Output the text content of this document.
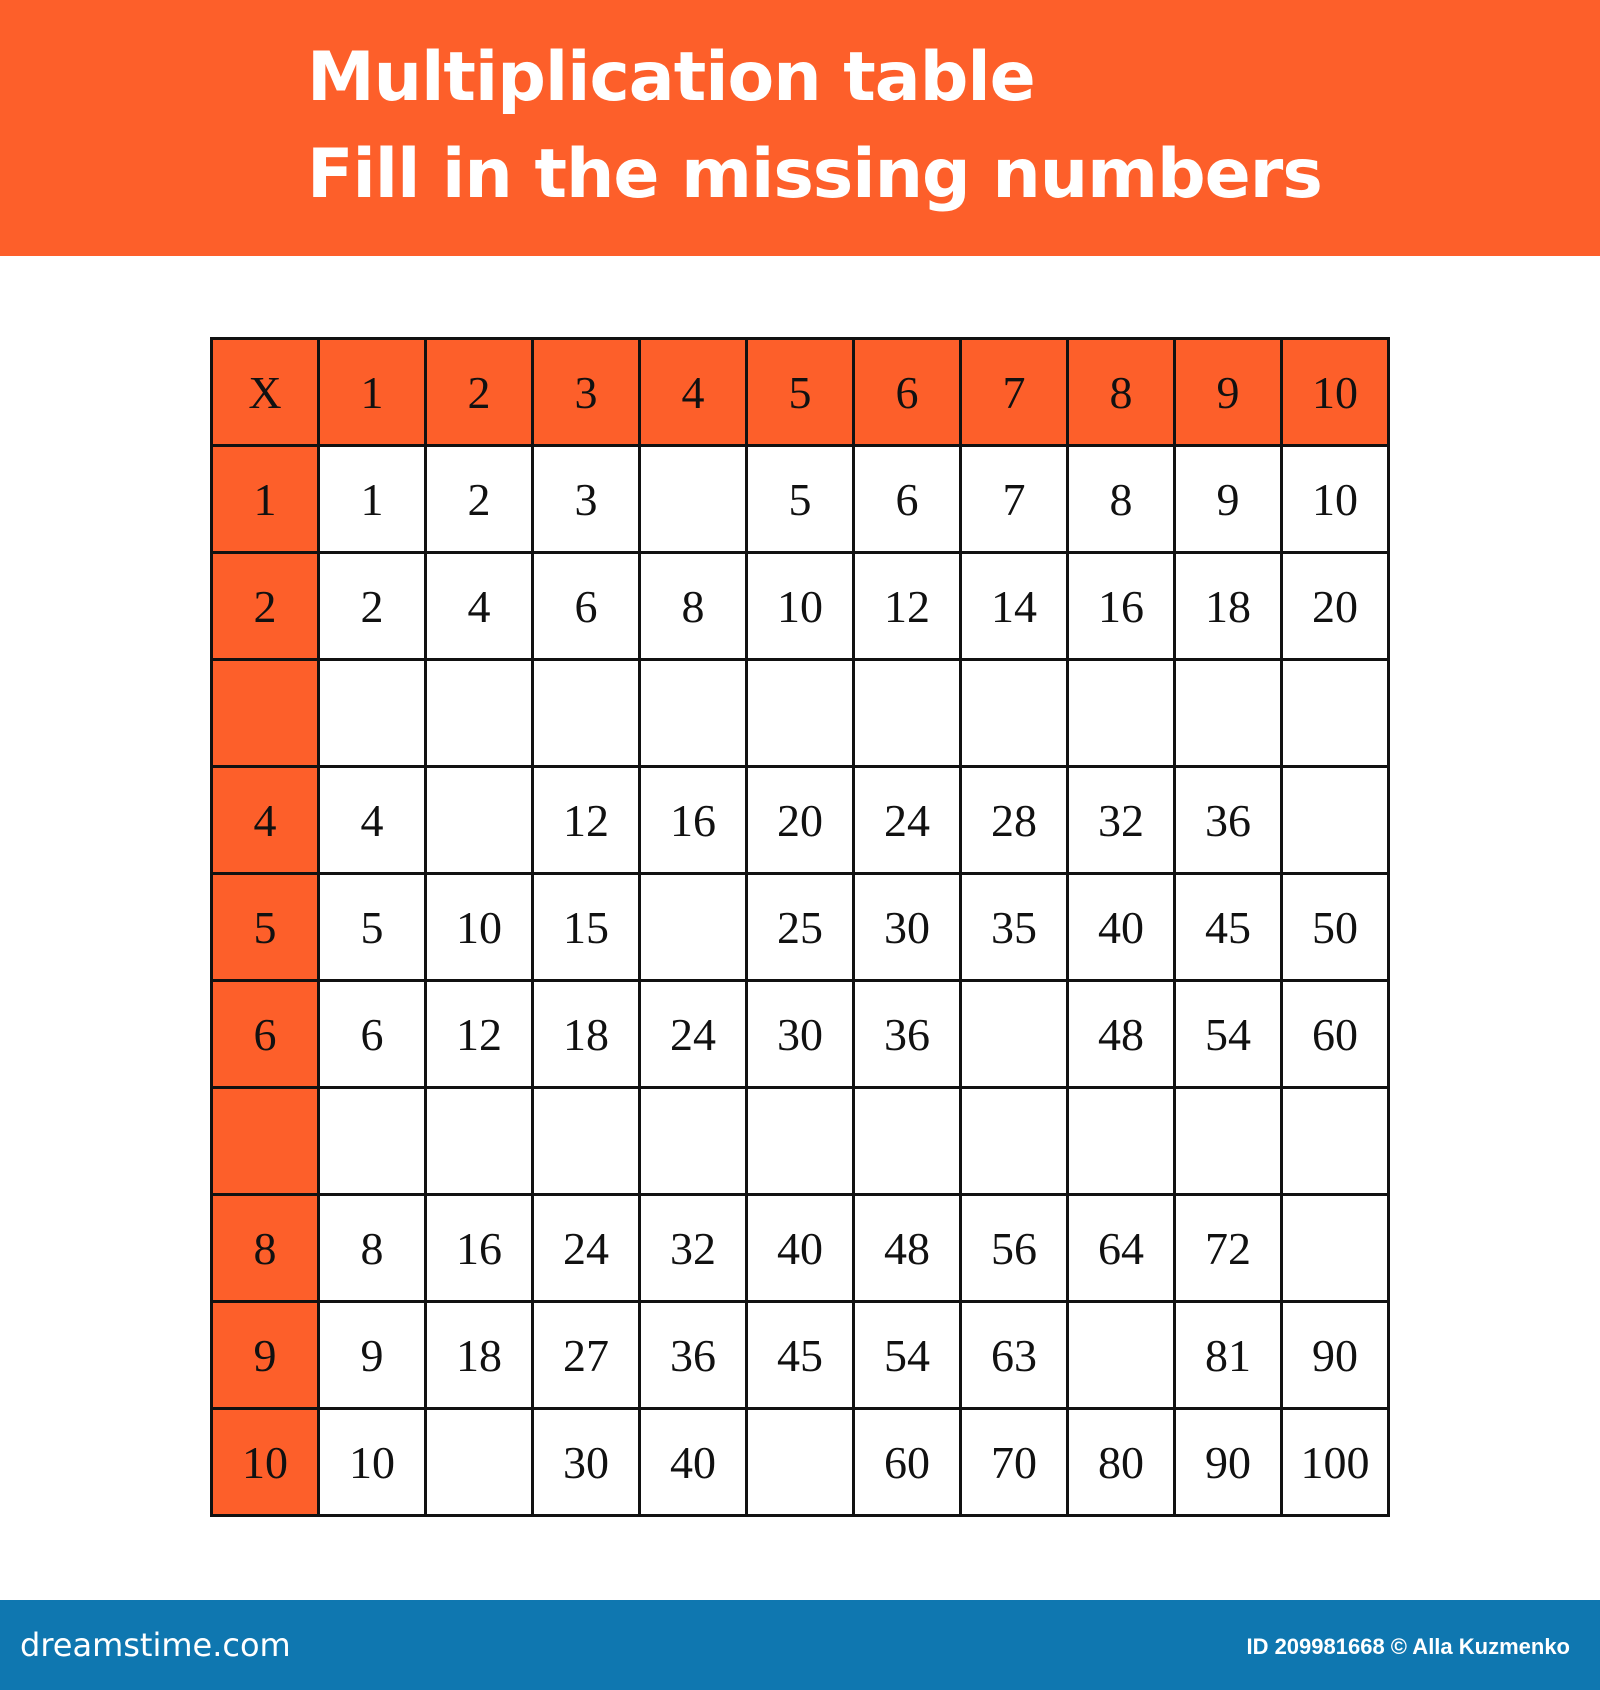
Multiplication table
Fill in the missing numbers
X	1	2	3	4	5	6	7	8	9	10
1	1	2	3		5	6	7	8	9	10
2	2	4	6	8	10	12	14	16	18	20

4	4		12	16	20	24	28	32	36	
5	5	10	15		25	30	35	40	45	50
6	6	12	18	24	30	36		48	54	60

8	8	16	24	32	40	48	56	64	72	
9	9	18	27	36	45	54	63		81	90
10	10		30	40		60	70	80	90	100
dreamstime.com	ID 209981668 © Alla Kuzmenko
